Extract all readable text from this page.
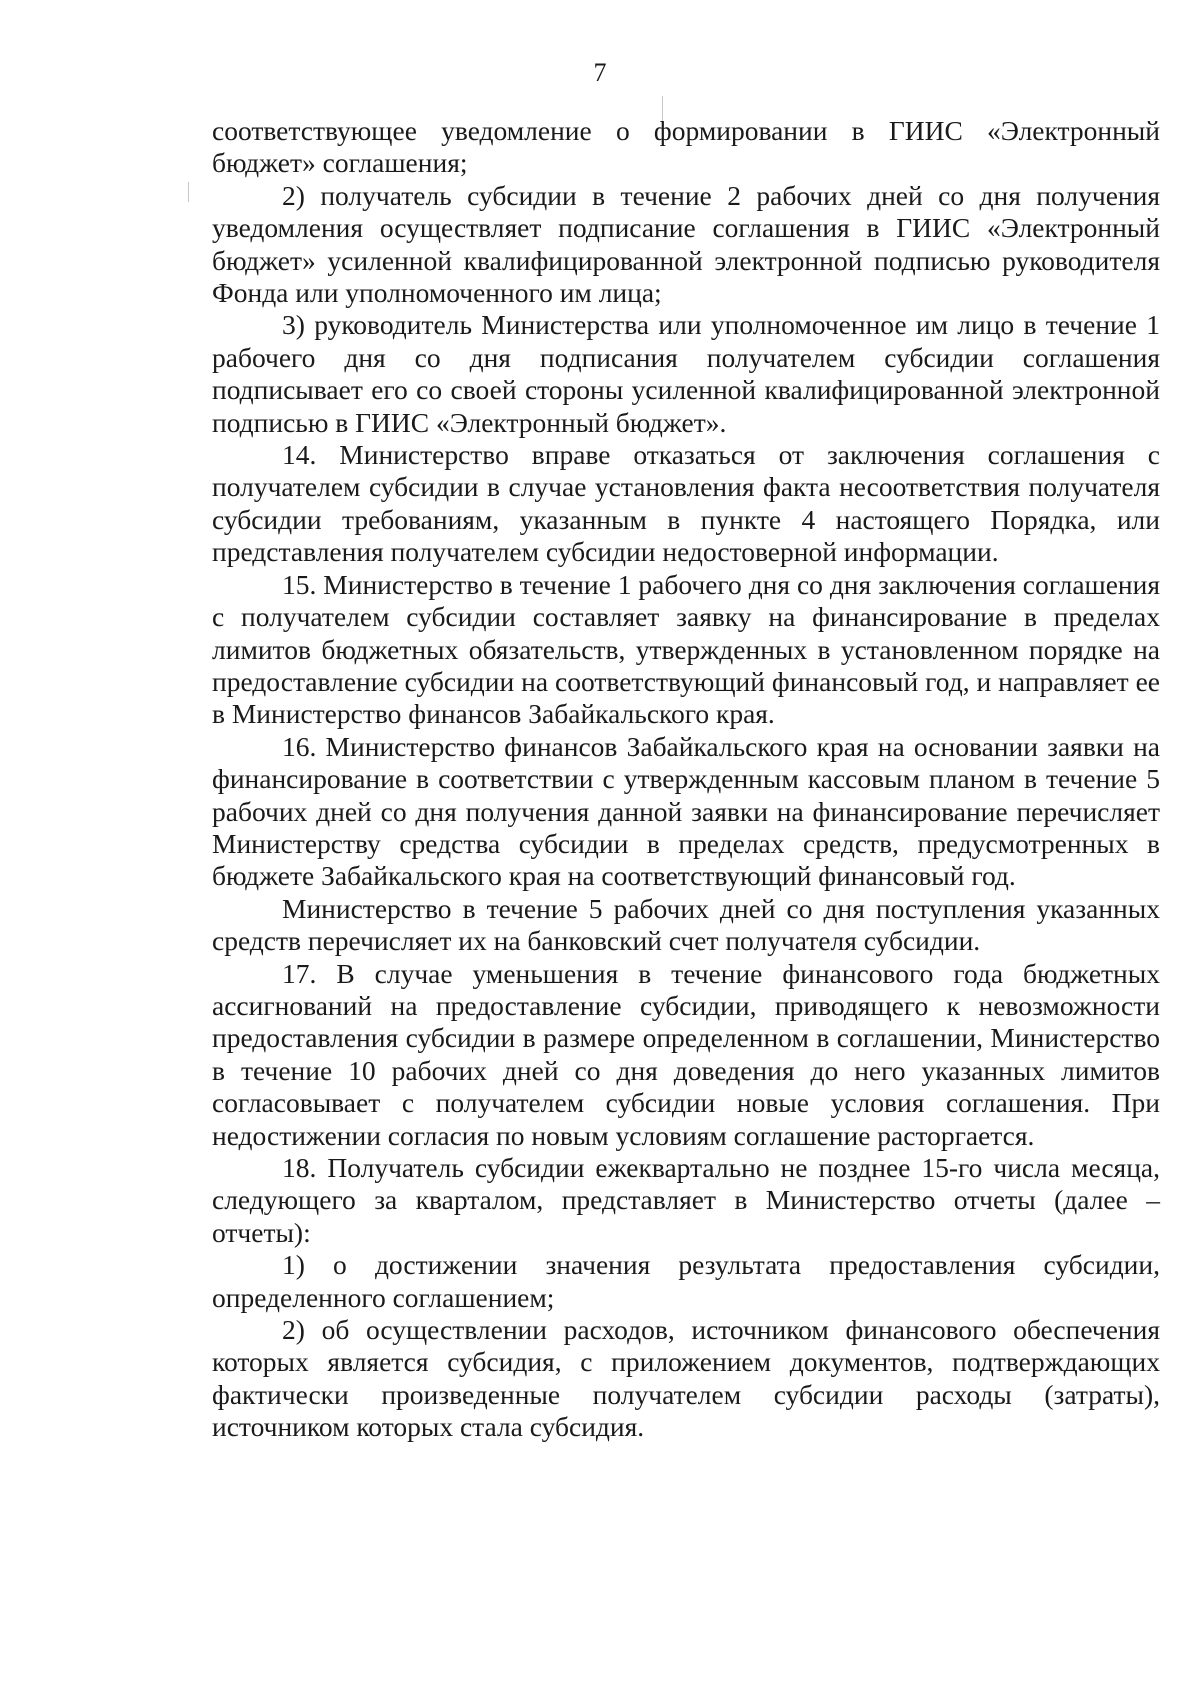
7

соответствующее уведомление о формировании в ГИИС «Электронный бюджет» соглашения;

2) получатель субсидии в течение 2 рабочих дней со дня получения уведомления осуществляет подписание соглашения в ГИИС «Электронный бюджет» усиленной квалифицированной электронной подписью руководителя Фонда или уполномоченного им лица;

3) руководитель Министерства или уполномоченное им лицо в течение 1 рабочего дня со дня подписания получателем субсидии соглашения подписывает его со своей стороны усиленной квалифицированной электронной подписью в ГИИС «Электронный бюджет».

14. Министерство вправе отказаться от заключения соглашения с получателем субсидии в случае установления факта несоответствия получателя субсидии требованиям, указанным в пункте 4 настоящего Порядка, или представления получателем субсидии недостоверной информации.

15. Министерство в течение 1 рабочего дня со дня заключения соглашения с получателем субсидии составляет заявку на финансирование в пределах лимитов бюджетных обязательств, утвержденных в установленном порядке на предоставление субсидии на соответствующий финансовый год, и направляет ее в Министерство финансов Забайкальского края.

16. Министерство финансов Забайкальского края на основании заявки на финансирование в соответствии с утвержденным кассовым планом в течение 5 рабочих дней со дня получения данной заявки на финансирование перечисляет Министерству средства субсидии в пределах средств, предусмотренных в бюджете Забайкальского края на соответствующий финансовый год.

Министерство в течение 5 рабочих дней со дня поступления указанных средств перечисляет их на банковский счет получателя субсидии.

17. В случае уменьшения в течение финансового года бюджетных ассигнований на предоставление субсидии, приводящего к невозможности предоставления субсидии в размере определенном в соглашении, Министерство в течение 10 рабочих дней со дня доведения до него указанных лимитов согласовывает с получателем субсидии новые условия соглашения. При недостижении согласия по новым условиям соглашение расторгается.

18. Получатель субсидии ежеквартально не позднее 15-го числа месяца, следующего за кварталом, представляет в Министерство отчеты (далее – отчеты):

1) о достижении значения результата предоставления субсидии, определенного соглашением;

2) об осуществлении расходов, источником финансового обеспечения которых является субсидия, с приложением документов, подтверждающих фактически произведенные получателем субсидии расходы (затраты), источником которых стала субсидия.
